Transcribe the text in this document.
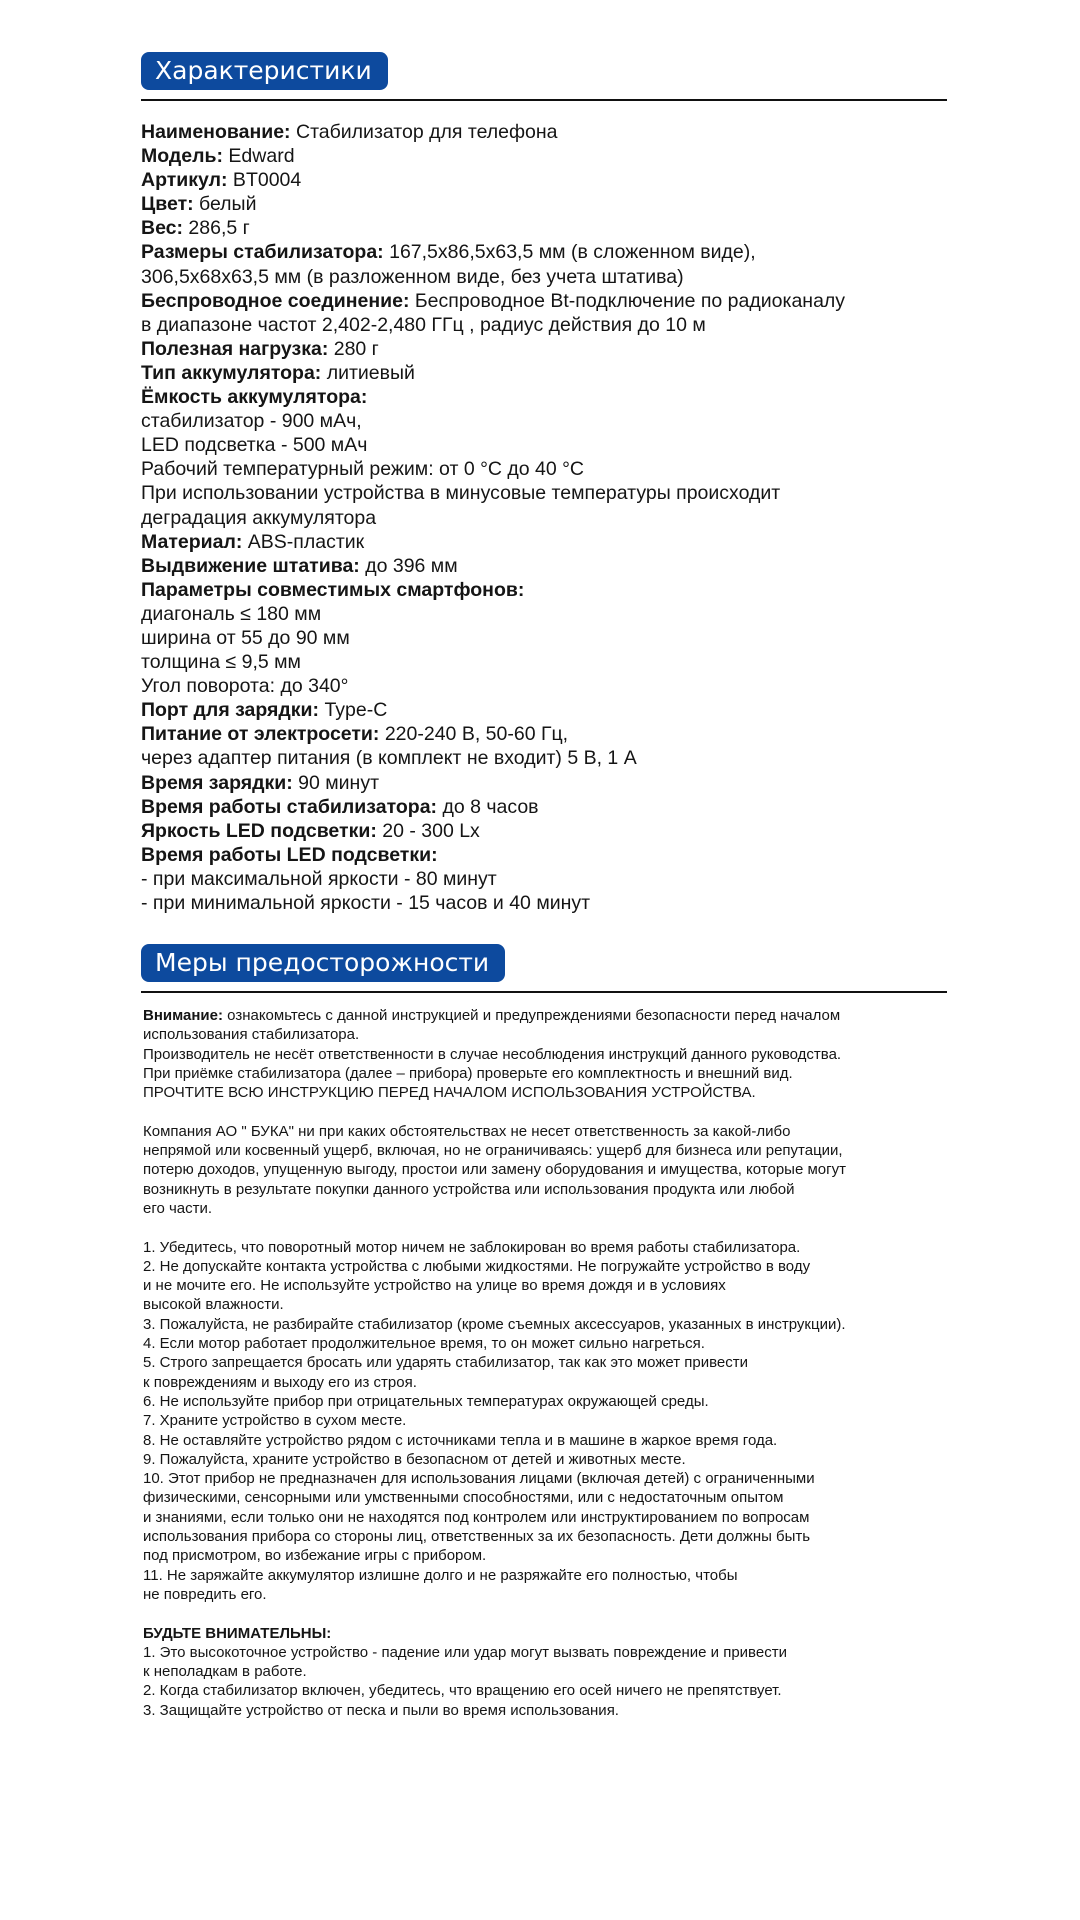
Характеристики
Наименование: Стабилизатор для телефона
Модель: Edward
Артикул: BT0004
Цвет: белый
Вес: 286,5 г
Размеры стабилизатора: 167,5x86,5x63,5 мм (в сложенном виде),
306,5x68x63,5 мм (в разложенном виде, без учета штатива)
Беспроводное соединение: Беспроводное Bt-подключение по радиоканалу
в диапазоне частот 2,402-2,480 ГГц , радиус действия до 10 м
Полезная нагрузка: 280 г
Тип аккумулятора: литиевый
Ёмкость аккумулятора:
стабилизатор - 900 мАч,
LED подсветка - 500 мАч
Рабочий температурный режим: от 0 °С до 40 °С
При использовании устройства в минусовые температуры происходит
деградация аккумулятора
Материал: ABS-пластик
Выдвижение штатива: до 396 мм
Параметры совместимых смартфонов:
диагональ ≤ 180 мм
ширина от 55 до 90 мм
толщина ≤ 9,5 мм
Угол поворота: до 340°
Порт для зарядки: Type-C
Питание от электросети: 220-240 В, 50-60 Гц,
через адаптер питания (в комплект не входит) 5 В, 1 А
Время зарядки: 90 минут
Время работы стабилизатора: до 8 часов
Яркость LED подсветки: 20 - 300 Lx
Время работы LED подсветки:
- при максимальной яркости - 80 минут
- при минимальной яркости - 15 часов и 40 минут
Меры предосторожности
Внимание: ознакомьтесь с данной инструкцией и предупреждениями безопасности перед началом
использования стабилизатора.
Производитель не несёт ответственности в случае несоблюдения инструкций данного руководства.
При приёмке стабилизатора (далее – прибора) проверьте его комплектность и внешний вид.
ПРОЧТИТЕ ВСЮ ИНСТРУКЦИЮ ПЕРЕД НАЧАЛОМ ИСПОЛЬЗОВАНИЯ УСТРОЙСТВА.
Компания АО " БУКА" ни при каких обстоятельствах не несет ответственность за какой-либо
непрямой или косвенный ущерб, включая, но не ограничиваясь: ущерб для бизнеса или репутации,
потерю доходов, упущенную выгоду, простои или замену оборудования и имущества, которые могут
возникнуть в результате покупки данного устройства или использования продукта или любой
его части.
1. Убедитесь, что поворотный мотор ничем не заблокирован во время работы стабилизатора.
2. Не допускайте контакта устройства с любыми жидкостями. Не погружайте устройство в воду
и не мочите его. Не используйте устройство на улице во время дождя и в условиях
высокой влажности.
3. Пожалуйста, не разбирайте стабилизатор (кроме съемных аксессуаров, указанных в инструкции).
4. Если мотор работает продолжительное время, то он может сильно нагреться.
5. Строго запрещается бросать или ударять стабилизатор, так как это может привести
к повреждениям и выходу его из строя.
6. Не используйте прибор при отрицательных температурах окружающей среды.
7. Храните устройство в сухом месте.
8. Не оставляйте устройство рядом с источниками тепла и в машине в жаркое время года.
9. Пожалуйста, храните устройство в безопасном от детей и животных месте.
10. Этот прибор не предназначен для использования лицами (включая детей) с ограниченными
физическими, сенсорными или умственными способностями, или с недостаточным опытом
и знаниями, если только они не находятся под контролем или инструктированием по вопросам
использования прибора со стороны лиц, ответственных за их безопасность. Дети должны быть
под присмотром, во избежание игры с прибором.
11. Не заряжайте аккумулятор излишне долго и не разряжайте его полностью, чтобы
не повредить его.
БУДЬТЕ ВНИМАТЕЛЬНЫ:
1. Это высокоточное устройство - падение или удар могут вызвать повреждение и привести
к неполадкам в работе.
2. Когда стабилизатор включен, убедитесь, что вращению его осей ничего не препятствует.
3. Защищайте устройство от песка и пыли во время использования.
